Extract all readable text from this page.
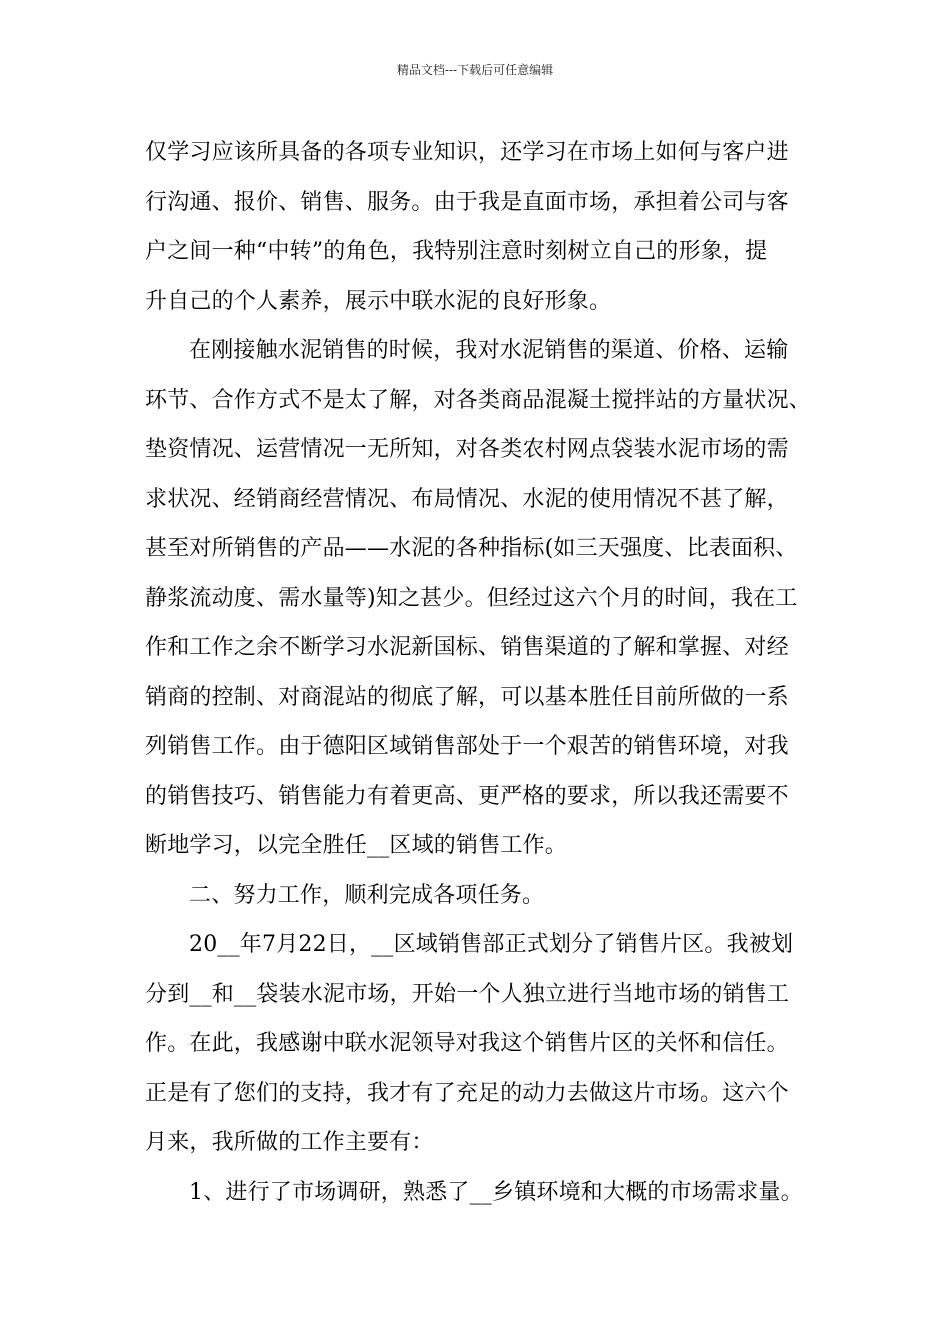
精品文档---下载后可任意编辑
仅学习应该所具备的各项专业知识，还学习在市场上如何与客户进
行沟通、报价、销售、服务。由于我是直面市场，承担着公司与客
户之间一种“中转”的角色，我特别注意时刻树立自己的形象，提
升自己的个人素养，展示中联水泥的良好形象。
在刚接触水泥销售的时候，我对水泥销售的渠道、价格、运输
环节、合作方式不是太了解，对各类商品混凝土搅拌站的方量状况、
垫资情况、运营情况一无所知，对各类农村网点袋装水泥市场的需
求状况、经销商经营情况、布局情况、水泥的使用情况不甚了解，
甚至对所销售的产品——水泥的各种指标(如三天强度、比表面积、
静浆流动度、需水量等)知之甚少。但经过这六个月的时间，我在工
作和工作之余不断学习水泥新国标、销售渠道的了解和掌握、对经
销商的控制、对商混站的彻底了解，可以基本胜任目前所做的一系
列销售工作。由于德阳区域销售部处于一个艰苦的销售环境，对我
的销售技巧、销售能力有着更高、更严格的要求，所以我还需要不
断地学习，以完全胜任__区域的销售工作。
二、努力工作，顺利完成各项任务。
20__年7月22日，__区域销售部正式划分了销售片区。我被划
分到__和__袋装水泥市场，开始一个人独立进行当地市场的销售工
作。在此，我感谢中联水泥领导对我这个销售片区的关怀和信任。
正是有了您们的支持，我才有了充足的动力去做这片市场。这六个
月来，我所做的工作主要有：
1、进行了市场调研，熟悉了__乡镇环境和大概的市场需求量。
